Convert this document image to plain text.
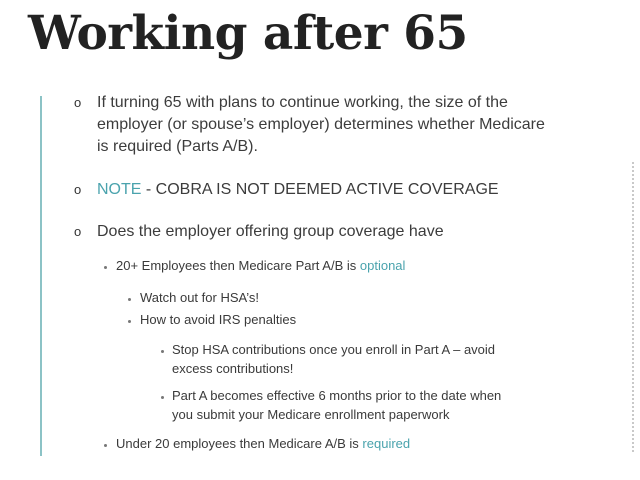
Working after 65
o If turning 65 with plans to continue working, the size of the
employer (or spouse’s employer) determines whether Medicare
is required (Parts A/B).
o NOTE - COBRA IS NOT DEEMED ACTIVE COVERAGE
o Does the employer offering group coverage have
20+ Employees then Medicare Part A/B is optional
Watch out for HSA’s!
How to avoid IRS penalties
Stop HSA contributions once you enroll in Part A – avoid
excess contributions!
Part A becomes effective 6 months prior to the date when
you submit your Medicare enrollment paperwork
Under 20 employees then Medicare A/B is required
